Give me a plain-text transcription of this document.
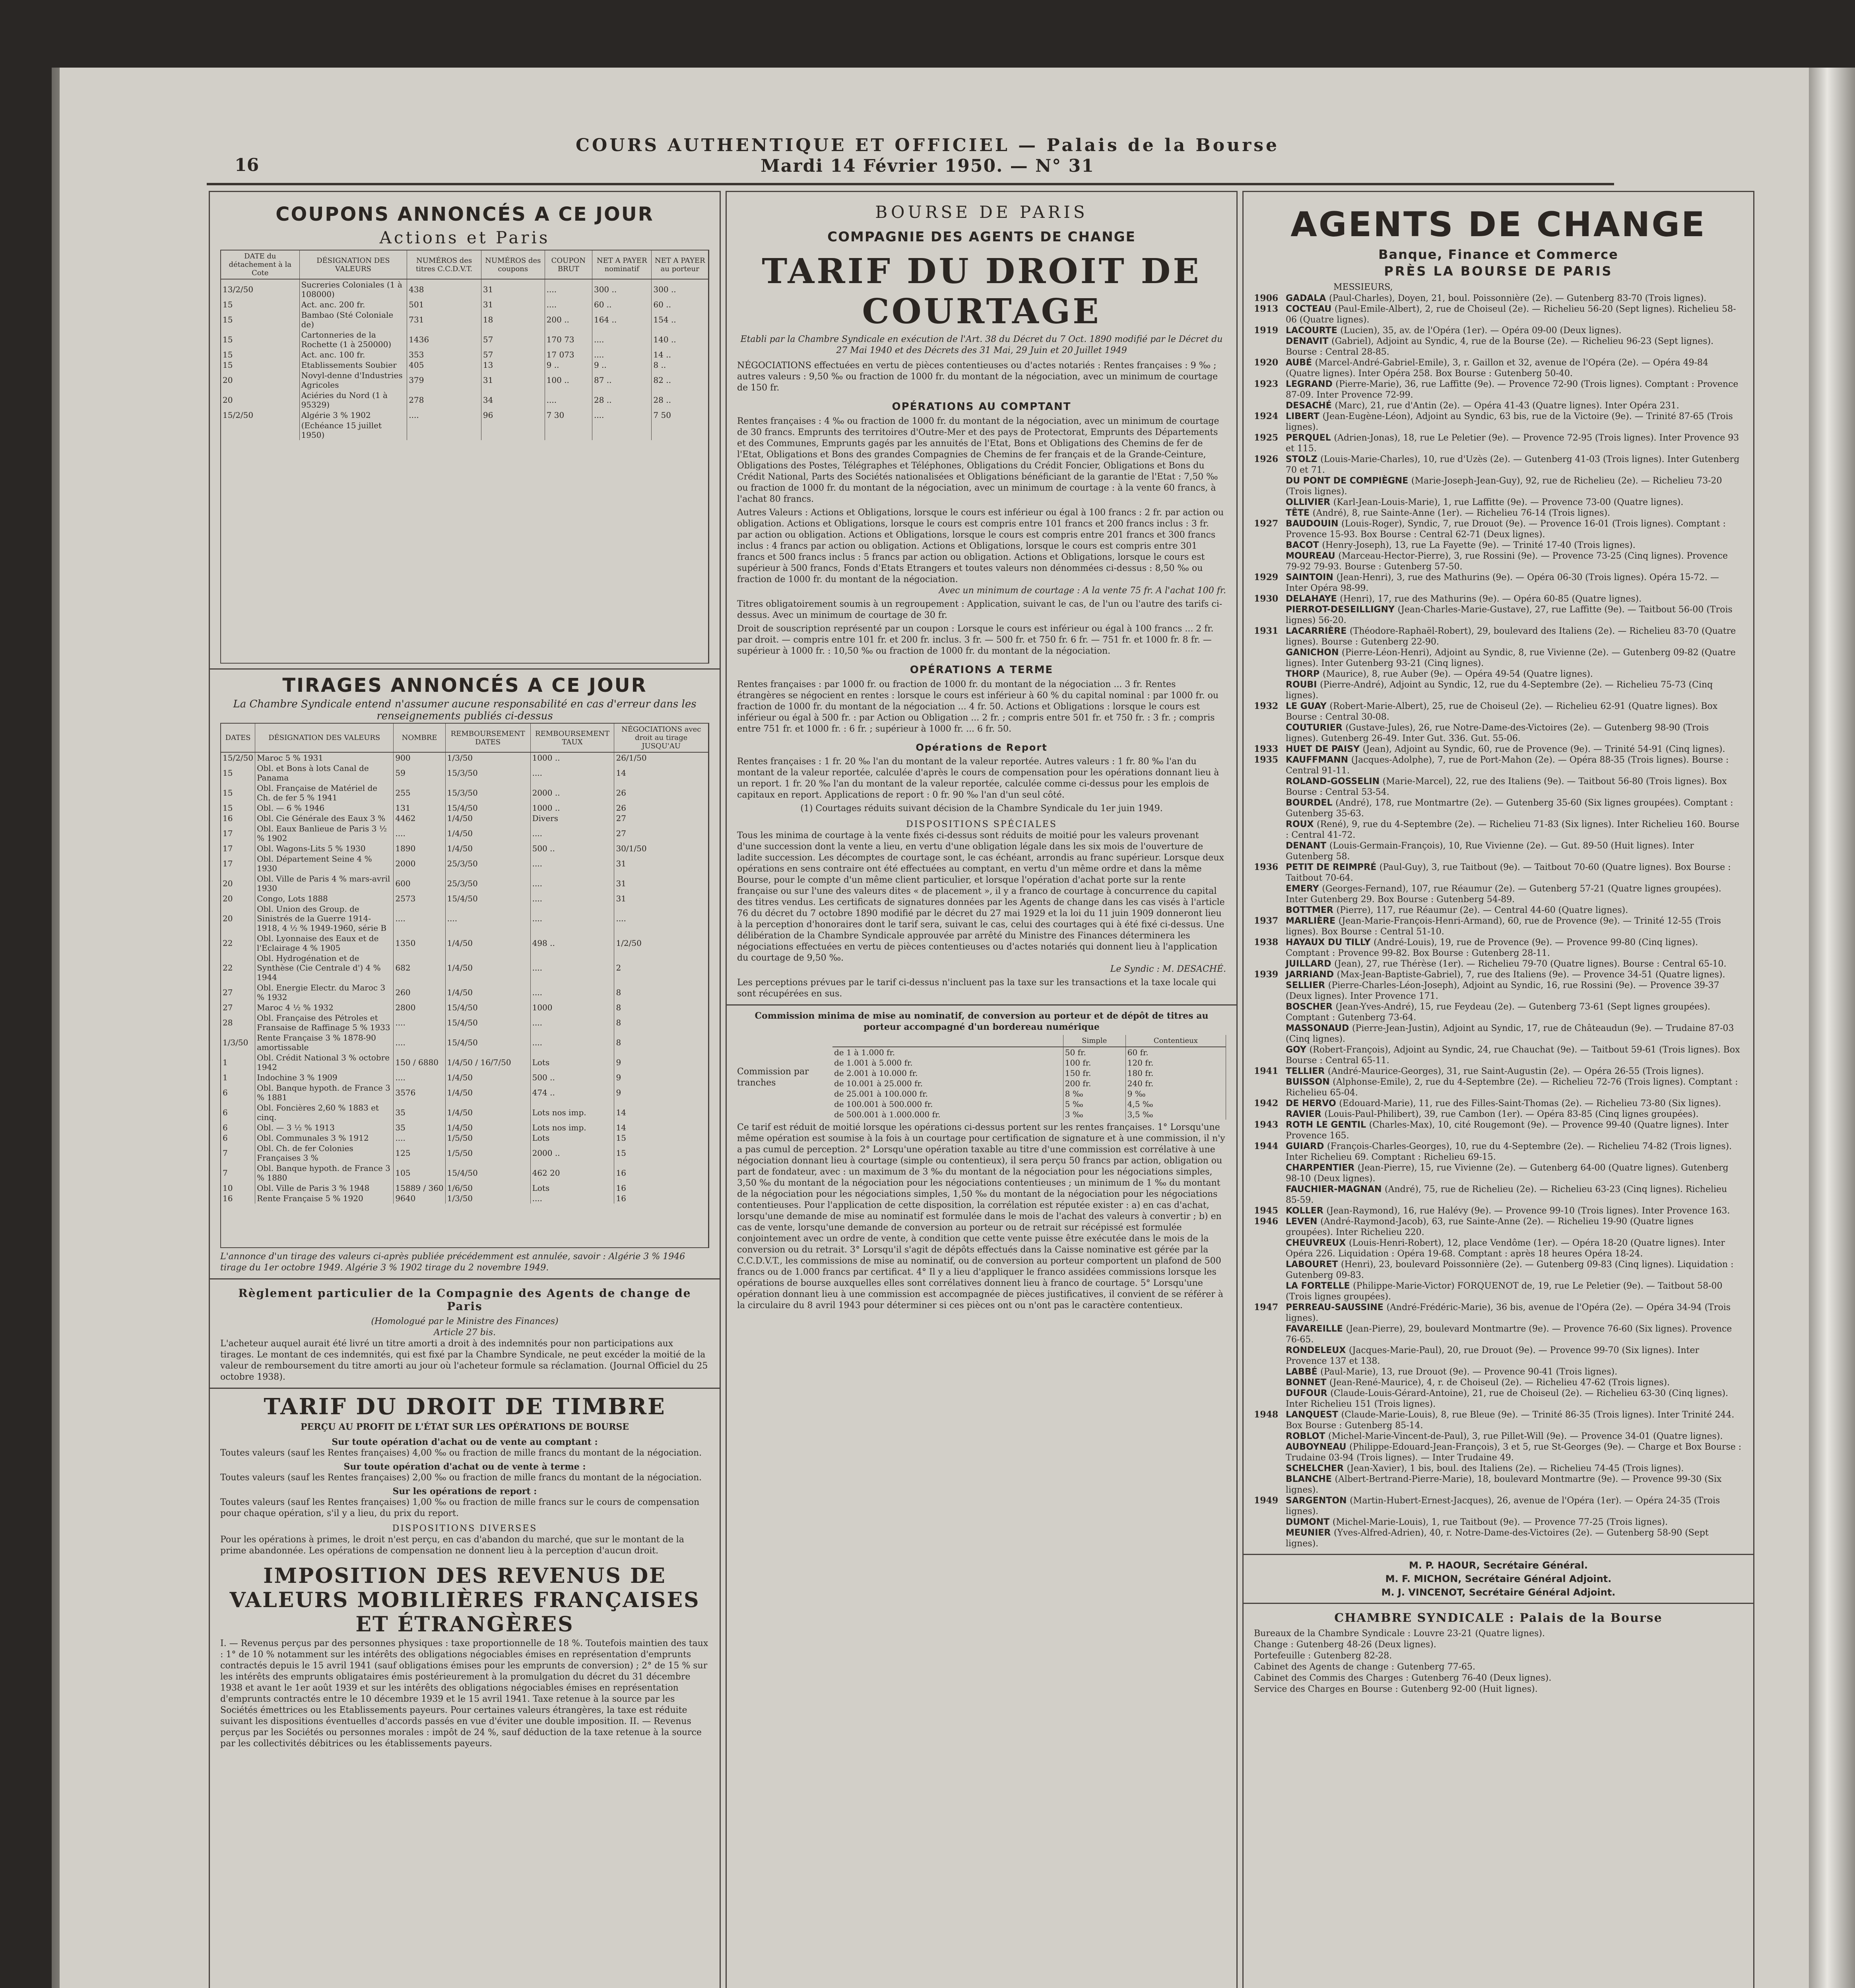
16
COURS AUTHENTIQUE ET OFFICIEL — Palais de la Bourse
Mardi 14 Février 1950. — N° 31
COUPONS ANNONCÉS A CE JOUR
Actions et Paris
DATE du détachement à la Cote	DÉSIGNATION DES VALEURS	NUMÉROS des titres C.C.D.V.T.	NUMÉROS des coupons	COUPON BRUT	NET A PAYER nominatif	NET A PAYER au porteur
13/2/50	Sucreries Coloniales (1 à 108000)	438	31	....	300 ..	300 ..
15	Act. anc. 200 fr.	501	31	....	60 ..	60 ..
15	Bambao (Sté Coloniale de)	731	18	200 ..	164 ..	154 ..
15	Cartonneries de la Rochette (1 à 250000)	1436	57	170 73	....	140 ..
15	Act. anc. 100 fr.	353	57	17 073	....	14 ..
15	Etablissements Soubier	405	13	9 ..	9 ..	8 ..
20	Novyl-denne d'Industries Agricoles	379	31	100 ..	87 ..	82 ..
20	Aciéries du Nord (1 à 95329)	278	34	....	28 ..	28 ..
15/2/50	Algérie 3 % 1902	....	96	7 30	....	7 50
	(Echéance 15 juillet 1950)					
TIRAGES ANNONCÉS A CE JOUR
La Chambre Syndicale entend n'assumer aucune responsabilité en cas d'erreur dans les renseignements publiés ci-dessus
DATES	DÉSIGNATION DES VALEURS	NOMBRE	REMBOURSEMENT DATES	REMBOURSEMENT TAUX	NÉGOCIATIONS avec droit au tirage JUSQU'AU
15/2/50	Maroc 5 % 1931	900	1/3/50	1000 ..	26/1/50
15	Obl. et Bons à lots Canal de Panama	59	15/3/50	....	14
15	Obl. Française de Matériel de Ch. de fer 5 % 1941	255	15/3/50	2000 ..	26
15	Obl. — 6 % 1946	131	15/4/50	1000 ..	26
16	Obl. Cie Générale des Eaux 3 %	4462	1/4/50	Divers	27
17	Obl. Eaux Banlieue de Paris 3 ½ % 1902	....	1/4/50	....	27
17	Obl. Wagons-Lits 5 % 1930	1890	1/4/50	500 ..	30/1/50
17	Obl. Département Seine 4 % 1930	2000	25/3/50	....	31
20	Obl. Ville de Paris 4 % mars-avril 1930	600	25/3/50	....	31
20	Congo, Lots 1888	2573	15/4/50	....	31
20	Obl. Union des Group. de Sinistrés de la Guerre 1914-1918, 4 ½ % 1949-1960, série B	....	....	....	....
22	Obl. Lyonnaise des Eaux et de l'Eclairage 4 % 1905	1350	1/4/50	498 ..	1/2/50
22	Obl. Hydrogénation et de Synthèse (Cie Centrale d') 4 % 1944	682	1/4/50	....	2
27	Obl. Energie Electr. du Maroc 3 % 1932	260	1/4/50	....	8
27	Maroc 4 ½ % 1932	2800	15/4/50	1000	8
28	Obl. Française des Pétroles et Fransaise de Raffinage 5 % 1933	....	15/4/50	....	8
1/3/50	Rente Française 3 % 1878-90 amortissable	....	15/4/50	....	8
1	Obl. Crédit National 3 % octobre 1942	150 / 6880	1/4/50 / 16/7/50	Lots	9
1	Indochine 3 % 1909	....	1/4/50	500 ..	9
6	Obl. Banque hypoth. de France 3 % 1881	3576	1/4/50	474 ..	9
6	Obl. Foncières 2,60 % 1883 et cinq.	35	1/4/50	Lots nos imp.	14
6	Obl. — 3 ½ % 1913	35	1/4/50	Lots nos imp.	14
6	Obl. Communales 3 % 1912	....	1/5/50	Lots	15
7	Obl. Ch. de fer Colonies Françaises 3 %	125	1/5/50	2000 ..	15
7	Obl. Banque hypoth. de France 3 % 1880	105	15/4/50	462 20	16
10	Obl. Ville de Paris 3 % 1948	15889 / 360	1/6/50	Lots	16
16	Rente Française 5 % 1920	9640	1/3/50	....	16
L'annonce d'un tirage des valeurs ci-après publiée précédemment est annulée, savoir : Algérie 3 % 1946 tirage du 1er octobre 1949. Algérie 3 % 1902 tirage du 2 novembre 1949.
Règlement particulier de la Compagnie des Agents de change de Paris
(Homologué par le Ministre des Finances)
Article 27 bis.
L'acheteur auquel aurait été livré un titre amorti a droit à des indemnités pour non participations aux tirages. Le montant de ces indemnités, qui est fixé par la Chambre Syndicale, ne peut excéder la moitié de la valeur de remboursement du titre amorti au jour où l'acheteur formule sa réclamation. (Journal Officiel du 25 octobre 1938).
TARIF DU DROIT DE TIMBRE
PERÇU AU PROFIT DE L'ÉTAT SUR LES OPÉRATIONS DE BOURSE
Sur toute opération d'achat ou de vente au comptant :
Toutes valeurs (sauf les Rentes françaises) 4,00 ‰ ou fraction de mille francs du montant de la négociation.
Sur toute opération d'achat ou de vente à terme :
Toutes valeurs (sauf les Rentes françaises) 2,00 ‰ ou fraction de mille francs du montant de la négociation.
Sur les opérations de report :
Toutes valeurs (sauf les Rentes françaises) 1,00 ‰ ou fraction de mille francs sur le cours de compensation pour chaque opération, s'il y a lieu, du prix du report.
DISPOSITIONS DIVERSES
Pour les opérations à primes, le droit n'est perçu, en cas d'abandon du marché, que sur le montant de la prime abandonnée. Les opérations de compensation ne donnent lieu à la perception d'aucun droit.
IMPOSITION DES REVENUS DE VALEURS MOBILIÈRES FRANÇAISES ET ÉTRANGÈRES
I. — Revenus perçus par des personnes physiques : taxe proportionnelle de 18 %. Toutefois maintien des taux : 1° de 10 % notamment sur les intérêts des obligations négociables émises en représentation d'emprunts contractés depuis le 15 avril 1941 (sauf obligations émises pour les emprunts de conversion) ; 2° de 15 % sur les intérêts des emprunts obligataires émis postérieurement à la promulgation du décret du 31 décembre 1938 et avant le 1er août 1939 et sur les intérêts des obligations négociables émises en représentation d'emprunts contractés entre le 10 décembre 1939 et le 15 avril 1941. Taxe retenue à la source par les Sociétés émettrices ou les Etablissements payeurs. Pour certaines valeurs étrangères, la taxe est réduite suivant les dispositions éventuelles d'accords passés en vue d'éviter une double imposition. II. — Revenus perçus par les Sociétés ou personnes morales : impôt de 24 %, sauf déduction de la taxe retenue à la source par les collectivités débitrices ou les établissements payeurs.
BOURSE DE PARIS
COMPAGNIE DES AGENTS DE CHANGE
TARIF DU DROIT DE COURTAGE
Etabli par la Chambre Syndicale en exécution de l'Art. 38 du Décret du 7 Oct. 1890 modifié par le Décret du 27 Mai 1940 et des Décrets des 31 Mai, 29 Juin et 20 Juillet 1949
NÉGOCIATIONS effectuées en vertu de pièces contentieuses ou d'actes notariés : Rentes françaises : 9 ‰ ; autres valeurs : 9,50 ‰ ou fraction de 1000 fr. du montant de la négociation, avec un minimum de courtage de 150 fr.
OPÉRATIONS AU COMPTANT
Rentes françaises : 4 ‰ ou fraction de 1000 fr. du montant de la négociation, avec un minimum de courtage de 30 francs. Emprunts des territoires d'Outre-Mer et des pays de Protectorat, Emprunts des Départements et des Communes, Emprunts gagés par les annuités de l'Etat, Bons et Obligations des Chemins de fer de l'Etat, Obligations et Bons des grandes Compagnies de Chemins de fer français et de la Grande-Ceinture, Obligations des Postes, Télégraphes et Téléphones, Obligations du Crédit Foncier, Obligations et Bons du Crédit National, Parts des Sociétés nationalisées et Obligations bénéficiant de la garantie de l'Etat : 7,50 ‰ ou fraction de 1000 fr. du montant de la négociation, avec un minimum de courtage : à la vente 60 francs, à l'achat 80 francs.
Autres Valeurs : Actions et Obligations, lorsque le cours est inférieur ou égal à 100 francs : 2 fr. par action ou obligation. Actions et Obligations, lorsque le cours est compris entre 101 francs et 200 francs inclus : 3 fr. par action ou obligation. Actions et Obligations, lorsque le cours est compris entre 201 francs et 300 francs inclus : 4 francs par action ou obligation. Actions et Obligations, lorsque le cours est compris entre 301 francs et 500 francs inclus : 5 francs par action ou obligation. Actions et Obligations, lorsque le cours est supérieur à 500 francs, Fonds d'Etats Etrangers et toutes valeurs non dénommées ci-dessus : 8,50 ‰ ou fraction de 1000 fr. du montant de la négociation.
Avec un minimum de courtage : A la vente 75 fr. A l'achat 100 fr.
Titres obligatoirement soumis à un regroupement : Application, suivant le cas, de l'un ou l'autre des tarifs ci-dessus. Avec un minimum de courtage de 30 fr.
Droit de souscription représenté par un coupon : Lorsque le cours est inférieur ou égal à 100 francs ... 2 fr. par droit. — compris entre 101 fr. et 200 fr. inclus. 3 fr. — 500 fr. et 750 fr. 6 fr. — 751 fr. et 1000 fr. 8 fr. — supérieur à 1000 fr. : 10,50 ‰ ou fraction de 1000 fr. du montant de la négociation.
OPÉRATIONS A TERME
Rentes françaises : par 1000 fr. ou fraction de 1000 fr. du montant de la négociation ... 3 fr. Rentes étrangères se négocient en rentes : lorsque le cours est inférieur à 60 % du capital nominal : par 1000 fr. ou fraction de 1000 fr. du montant de la négociation ... 4 fr. 50. Actions et Obligations : lorsque le cours est inférieur ou égal à 500 fr. : par Action ou Obligation ... 2 fr. ; compris entre 501 fr. et 750 fr. : 3 fr. ; compris entre 751 fr. et 1000 fr. : 6 fr. ; supérieur à 1000 fr. ... 6 fr. 50.
Opérations de Report
Rentes françaises : 1 fr. 20 ‰ l'an du montant de la valeur reportée. Autres valeurs : 1 fr. 80 ‰ l'an du montant de la valeur reportée, calculée d'après le cours de compensation pour les opérations donnant lieu à un report. 1 fr. 20 ‰ l'an du montant de la valeur reportée, calculée comme ci-dessus pour les emplois de capitaux en report. Applications de report : 0 fr. 90 ‰ l'an d'un seul côté.
(1) Courtages réduits suivant décision de la Chambre Syndicale du 1er juin 1949.
DISPOSITIONS SPÉCIALES
Tous les minima de courtage à la vente fixés ci-dessus sont réduits de moitié pour les valeurs provenant d'une succession dont la vente a lieu, en vertu d'une obligation légale dans les six mois de l'ouverture de ladite succession. Les décomptes de courtage sont, le cas échéant, arrondis au franc supérieur. Lorsque deux opérations en sens contraire ont été effectuées au comptant, en vertu d'un même ordre et dans la même Bourse, pour le compte d'un même client particulier, et lorsque l'opération d'achat porte sur la rente française ou sur l'une des valeurs dites « de placement », il y a franco de courtage à concurrence du capital des titres vendus. Les certificats de signatures données par les Agents de change dans les cas visés à l'article 76 du décret du 7 octobre 1890 modifié par le décret du 27 mai 1929 et la loi du 11 juin 1909 donneront lieu à la perception d'honoraires dont le tarif sera, suivant le cas, celui des courtages qui à été fixé ci-dessus. Une délibération de la Chambre Syndicale approuvée par arrêté du Ministre des Finances déterminera les négociations effectuées en vertu de pièces contentieuses ou d'actes notariés qui donnent lieu à l'application du courtage de 9,50 ‰.
Le Syndic : M. DESACHÉ.
Les perceptions prévues par le tarif ci-dessus n'incluent pas la taxe sur les transactions et la taxe locale qui sont récupérées en sus.
Commission minima de mise au nominatif, de conversion au porteur et de dépôt de titres au porteur accompagné d'un bordereau numérique
Commission par tranches
	Simple	Contentieux
de 1 à 1.000 fr.	50 fr.	60 fr.
de 1.001 à 5.000 fr.	100 fr.	120 fr.
de 2.001 à 10.000 fr.	150 fr.	180 fr.
de 10.001 à 25.000 fr.	200 fr.	240 fr.
de 25.001 à 100.000 fr.	8 ‰	9 ‰
de 100.001 à 500.000 fr.	5 ‰	4,5 ‰
de 500.001 à 1.000.000 fr.	3 ‰	3,5 ‰
Ce tarif est réduit de moitié lorsque les opérations ci-dessus portent sur les rentes françaises. 1° Lorsqu'une même opération est soumise à la fois à un courtage pour certification de signature et à une commission, il n'y a pas cumul de perception. 2° Lorsqu'une opération taxable au titre d'une commission est corrélative à une négociation donnant lieu à courtage (simple ou contentieux), il sera perçu 50 francs par action, obligation ou part de fondateur, avec : un maximum de 3 ‰ du montant de la négociation pour les négociations simples, 3,50 ‰ du montant de la négociation pour les négociations contentieuses ; un minimum de 1 ‰ du montant de la négociation pour les négociations simples, 1,50 ‰ du montant de la négociation pour les négociations contentieuses. Pour l'application de cette disposition, la corrélation est réputée exister : a) en cas d'achat, lorsqu'une demande de mise au nominatif est formulée dans le mois de l'achat des valeurs à convertir ; b) en cas de vente, lorsqu'une demande de conversion au porteur ou de retrait sur récépissé est formulée conjointement avec un ordre de vente, à condition que cette vente puisse être exécutée dans le mois de la conversion ou du retrait. 3° Lorsqu'il s'agit de dépôts effectués dans la Caisse nominative est gérée par la C.C.D.V.T., les commissions de mise au nominatif, ou de conversion au porteur comportent un plafond de 500 francs ou de 1.000 francs par certificat. 4° Il y a lieu d'appliquer le franco assidées commissions lorsque les opérations de bourse auxquelles elles sont corrélatives donnent lieu à franco de courtage. 5° Lorsqu'une opération donnant lieu à une commission est accompagnée de pièces justificatives, il convient de se référer à la circulaire du 8 avril 1943 pour déterminer si ces pièces ont ou n'ont pas le caractère contentieux.
AGENTS DE CHANGE
Banque, Finance et Commerce
PRÈS LA BOURSE DE PARIS
MESSIEURS,
1906 GADALA (Paul-Charles), Doyen, 21, boul. Poissonnière (2e). — Gutenberg 83-70 (Trois lignes).
1913 COCTEAU (Paul-Emile-Albert), 2, rue de Choiseul (2e). — Richelieu 56-20 (Sept lignes). Richelieu 58-06 (Quatre lignes).
1919 LACOURTE (Lucien), 35, av. de l'Opéra (1er). — Opéra 09-00 (Deux lignes).
DENAVIT (Gabriel), Adjoint au Syndic, 4, rue de la Bourse (2e). — Richelieu 96-23 (Sept lignes). Bourse : Central 28-85.
1920 AUBÉ (Marcel-André-Gabriel-Emile), 3, r. Gaillon et 32, avenue de l'Opéra (2e). — Opéra 49-84 (Quatre lignes). Inter Opéra 258. Box Bourse : Gutenberg 50-40.
1923 LEGRAND (Pierre-Marie), 36, rue Laffitte (9e). — Provence 72-90 (Trois lignes). Comptant : Provence 87-09. Inter Provence 72-99.
DESACHÉ (Marc), 21, rue d'Antin (2e). — Opéra 41-43 (Quatre lignes). Inter Opéra 231.
1924 LIBERT (Jean-Eugène-Léon), Adjoint au Syndic, 63 bis, rue de la Victoire (9e). — Trinité 87-65 (Trois lignes).
1925 PERQUEL (Adrien-Jonas), 18, rue Le Peletier (9e). — Provence 72-95 (Trois lignes). Inter Provence 93 et 115.
1926 STOLZ (Louis-Marie-Charles), 10, rue d'Uzès (2e). — Gutenberg 41-03 (Trois lignes). Inter Gutenberg 70 et 71.
DU PONT DE COMPIÈGNE (Marie-Joseph-Jean-Guy), 92, rue de Richelieu (2e). — Richelieu 73-20 (Trois lignes).
OLLIVIER (Karl-Jean-Louis-Marie), 1, rue Laffitte (9e). — Provence 73-00 (Quatre lignes).
TÊTE (André), 8, rue Sainte-Anne (1er). — Richelieu 76-14 (Trois lignes).
1927 BAUDOUIN (Louis-Roger), Syndic, 7, rue Drouot (9e). — Provence 16-01 (Trois lignes). Comptant : Provence 15-93. Box Bourse : Central 62-71 (Deux lignes).
BACOT (Henry-Joseph), 13, rue La Fayette (9e). — Trinité 17-40 (Trois lignes).
MOUREAU (Marceau-Hector-Pierre), 3, rue Rossini (9e). — Provence 73-25 (Cinq lignes). Provence 79-92 79-93. Bourse : Gutenberg 57-50.
1929 SAINTOIN (Jean-Henri), 3, rue des Mathurins (9e). — Opéra 06-30 (Trois lignes). Opéra 15-72. — Inter Opéra 98-99.
1930 DELAHAYE (Henri), 17, rue des Mathurins (9e). — Opéra 60-85 (Quatre lignes).
PIERROT-DESEILLIGNY (Jean-Charles-Marie-Gustave), 27, rue Laffitte (9e). — Taitbout 56-00 (Trois lignes) 56-20.
1931 LACARRIÈRE (Théodore-Raphaël-Robert), 29, boulevard des Italiens (2e). — Richelieu 83-70 (Quatre lignes). Bourse : Gutenberg 22-90.
GANICHON (Pierre-Léon-Henri), Adjoint au Syndic, 8, rue Vivienne (2e). — Gutenberg 09-82 (Quatre lignes). Inter Gutenberg 93-21 (Cinq lignes).
THORP (Maurice), 8, rue Auber (9e). — Opéra 49-54 (Quatre lignes).
ROUBI (Pierre-André), Adjoint au Syndic, 12, rue du 4-Septembre (2e). — Richelieu 75-73 (Cinq lignes).
1932 LE GUAY (Robert-Marie-Albert), 25, rue de Choiseul (2e). — Richelieu 62-91 (Quatre lignes). Box Bourse : Central 30-08.
COUTURIER (Gustave-Jules), 26, rue Notre-Dame-des-Victoires (2e). — Gutenberg 98-90 (Trois lignes). Gutenberg 26-49. Inter Gut. 336. Gut. 55-06.
1933 HUET DE PAISY (Jean), Adjoint au Syndic, 60, rue de Provence (9e). — Trinité 54-91 (Cinq lignes).
1935 KAUFFMANN (Jacques-Adolphe), 7, rue de Port-Mahon (2e). — Opéra 88-35 (Trois lignes). Bourse : Central 91-11.
ROLAND-GOSSELIN (Marie-Marcel), 22, rue des Italiens (9e). — Taitbout 56-80 (Trois lignes). Box Bourse : Central 53-54.
BOURDEL (André), 178, rue Montmartre (2e). — Gutenberg 35-60 (Six lignes groupées). Comptant : Gutenberg 35-63.
ROUX (René), 9, rue du 4-Septembre (2e). — Richelieu 71-83 (Six lignes). Inter Richelieu 160. Bourse : Central 41-72.
DENANT (Louis-Germain-François), 10, Rue Vivienne (2e). — Gut. 89-50 (Huit lignes). Inter Gutenberg 58.
1936 PETIT DE REIMPRÉ (Paul-Guy), 3, rue Taitbout (9e). — Taitbout 70-60 (Quatre lignes). Box Bourse : Taitbout 70-64.
EMERY (Georges-Fernand), 107, rue Réaumur (2e). — Gutenberg 57-21 (Quatre lignes groupées). Inter Gutenberg 29. Box Bourse : Gutenberg 54-89.
BOTTMER (Pierre), 117, rue Réaumur (2e). — Central 44-60 (Quatre lignes).
1937 MARLIÈRE (Jean-Marie-François-Henri-Armand), 60, rue de Provence (9e). — Trinité 12-55 (Trois lignes). Box Bourse : Central 51-10.
1938 HAYAUX DU TILLY (André-Louis), 19, rue de Provence (9e). — Provence 99-80 (Cinq lignes). Comptant : Provence 99-82. Box Bourse : Gutenberg 28-11.
JUILLARD (Jean), 27, rue Thérèse (1er). — Richelieu 79-70 (Quatre lignes). Bourse : Central 65-10.
1939 JARRIAND (Max-Jean-Baptiste-Gabriel), 7, rue des Italiens (9e). — Provence 34-51 (Quatre lignes).
SELLIER (Pierre-Charles-Léon-Joseph), Adjoint au Syndic, 16, rue Rossini (9e). — Provence 39-37 (Deux lignes). Inter Provence 171.
BOSCHER (Jean-Yves-André), 15, rue Feydeau (2e). — Gutenberg 73-61 (Sept lignes groupées). Comptant : Gutenberg 73-64.
MASSONAUD (Pierre-Jean-Justin), Adjoint au Syndic, 17, rue de Châteaudun (9e). — Trudaine 87-03 (Cinq lignes).
GOY (Robert-François), Adjoint au Syndic, 24, rue Chauchat (9e). — Taitbout 59-61 (Trois lignes). Box Bourse : Central 65-11.
1941 TELLIER (André-Maurice-Georges), 31, rue Saint-Augustin (2e). — Opéra 26-55 (Trois lignes).
BUISSON (Alphonse-Emile), 2, rue du 4-Septembre (2e). — Richelieu 72-76 (Trois lignes). Comptant : Richelieu 65-04.
1942 DE HERVO (Edouard-Marie), 11, rue des Filles-Saint-Thomas (2e). — Richelieu 73-80 (Six lignes).
RAVIER (Louis-Paul-Philibert), 39, rue Cambon (1er). — Opéra 83-85 (Cinq lignes groupées).
1943 ROTH LE GENTIL (Charles-Max), 10, cité Rougemont (9e). — Provence 99-40 (Quatre lignes). Inter Provence 165.
1944 GUIARD (François-Charles-Georges), 10, rue du 4-Septembre (2e). — Richelieu 74-82 (Trois lignes). Inter Richelieu 69. Comptant : Richelieu 69-15.
CHARPENTIER (Jean-Pierre), 15, rue Vivienne (2e). — Gutenberg 64-00 (Quatre lignes). Gutenberg 98-10 (Deux lignes).
FAUCHIER-MAGNAN (André), 75, rue de Richelieu (2e). — Richelieu 63-23 (Cinq lignes). Richelieu 85-59.
1945 KOLLER (Jean-Raymond), 16, rue Halévy (9e). — Provence 99-10 (Trois lignes). Inter Provence 163.
1946 LEVEN (André-Raymond-Jacob), 63, rue Sainte-Anne (2e). — Richelieu 19-90 (Quatre lignes groupées). Inter Richelieu 220.
CHEUVREUX (Louis-Henri-Robert), 12, place Vendôme (1er). — Opéra 18-20 (Quatre lignes). Inter Opéra 226. Liquidation : Opéra 19-68. Comptant : après 18 heures Opéra 18-24.
LABOURET (Henri), 23, boulevard Poissonnière (2e). — Gutenberg 09-83 (Cinq lignes). Liquidation : Gutenberg 09-83.
LA FORTELLE (Philippe-Marie-Victor) FORQUENOT de, 19, rue Le Peletier (9e). — Taitbout 58-00 (Trois lignes groupées).
1947 PERREAU-SAUSSINE (André-Frédéric-Marie), 36 bis, avenue de l'Opéra (2e). — Opéra 34-94 (Trois lignes).
FAVAREILLE (Jean-Pierre), 29, boulevard Montmartre (9e). — Provence 76-60 (Six lignes). Provence 76-65.
RONDELEUX (Jacques-Marie-Paul), 20, rue Drouot (9e). — Provence 99-70 (Six lignes). Inter Provence 137 et 138.
LABBÉ (Paul-Marie), 13, rue Drouot (9e). — Provence 90-41 (Trois lignes).
BONNET (Jean-René-Maurice), 4, r. de Choiseul (2e). — Richelieu 47-62 (Trois lignes).
DUFOUR (Claude-Louis-Gérard-Antoine), 21, rue de Choiseul (2e). — Richelieu 63-30 (Cinq lignes). Inter Richelieu 151 (Trois lignes).
1948 LANQUEST (Claude-Marie-Louis), 8, rue Bleue (9e). — Trinité 86-35 (Trois lignes). Inter Trinité 244. Box Bourse : Gutenberg 85-14.
ROBLOT (Michel-Marie-Vincent-de-Paul), 3, rue Pillet-Will (9e). — Provence 34-01 (Quatre lignes).
AUBOYNEAU (Philippe-Edouard-Jean-François), 3 et 5, rue St-Georges (9e). — Charge et Box Bourse : Trudaine 03-94 (Trois lignes). — Inter Trudaine 49.
SCHELCHER (Jean-Xavier), 1 bis, boul. des Italiens (2e). — Richelieu 74-45 (Trois lignes).
BLANCHE (Albert-Bertrand-Pierre-Marie), 18, boulevard Montmartre (9e). — Provence 99-30 (Six lignes).
1949 SARGENTON (Martin-Hubert-Ernest-Jacques), 26, avenue de l'Opéra (1er). — Opéra 24-35 (Trois lignes).
DUMONT (Michel-Marie-Louis), 1, rue Taitbout (9e). — Provence 77-25 (Trois lignes).
MEUNIER (Yves-Alfred-Adrien), 40, r. Notre-Dame-des-Victoires (2e). — Gutenberg 58-90 (Sept lignes).
M. P. HAOUR, Secrétaire Général.
M. F. MICHON, Secrétaire Général Adjoint.
M. J. VINCENOT, Secrétaire Général Adjoint.
CHAMBRE SYNDICALE : Palais de la Bourse
Bureaux de la Chambre Syndicale : Louvre 23-21 (Quatre lignes).
Change : Gutenberg 48-26 (Deux lignes).
Portefeuille : Gutenberg 82-28.
Cabinet des Agents de change : Gutenberg 77-65.
Cabinet des Commis des Charges : Gutenberg 76-40 (Deux lignes).
Service des Charges en Bourse : Gutenberg 92-00 (Huit lignes).
